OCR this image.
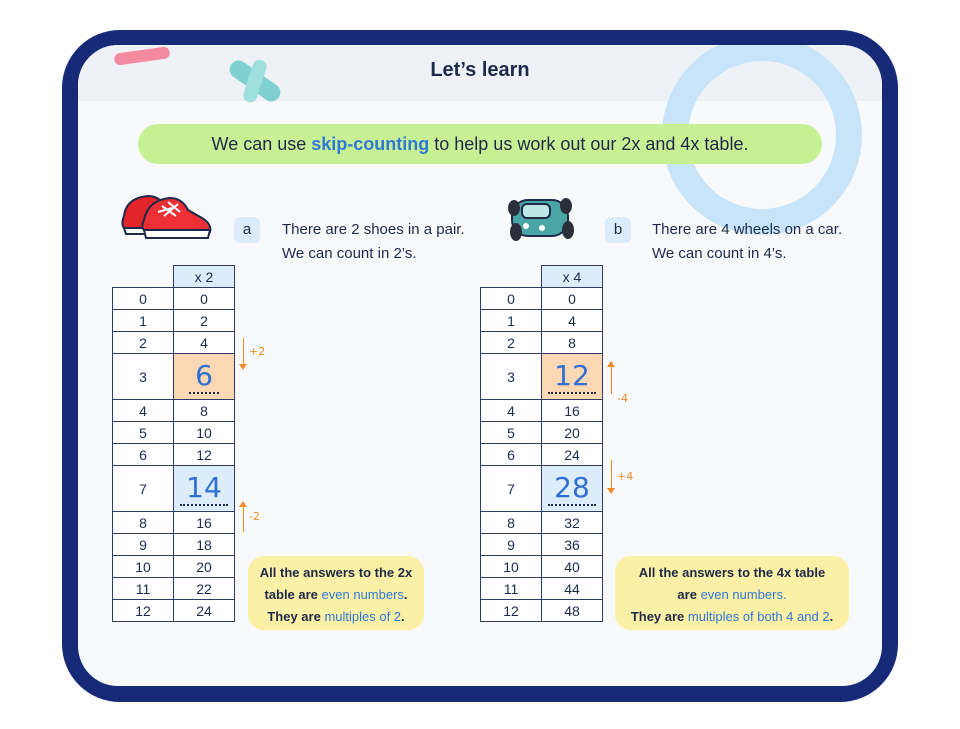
Let’s learn
We can use skip-counting to help us work out our 2x and 4x table.
a	There are 2 shoes in a pair.
We can count in 2’s.
b	There are 4 wheels on a car.
We can count in 4’s.
	x 2
0	0
1	2
2	4
3	6
4	8
5	10
6	12
7	14
8	16
9	18
10	20
11	22
12	24
+2
-2
All the answers to the 2x
table are even numbers.
They are multiples of 2.
	x 4
0	0
1	4
2	8
3	12
4	16
5	20
6	24
7	28
8	32
9	36
10	40
11	44
12	48
-4
+4
All the answers to the 4x table
are even numbers.
They are multiples of both 4 and 2.
